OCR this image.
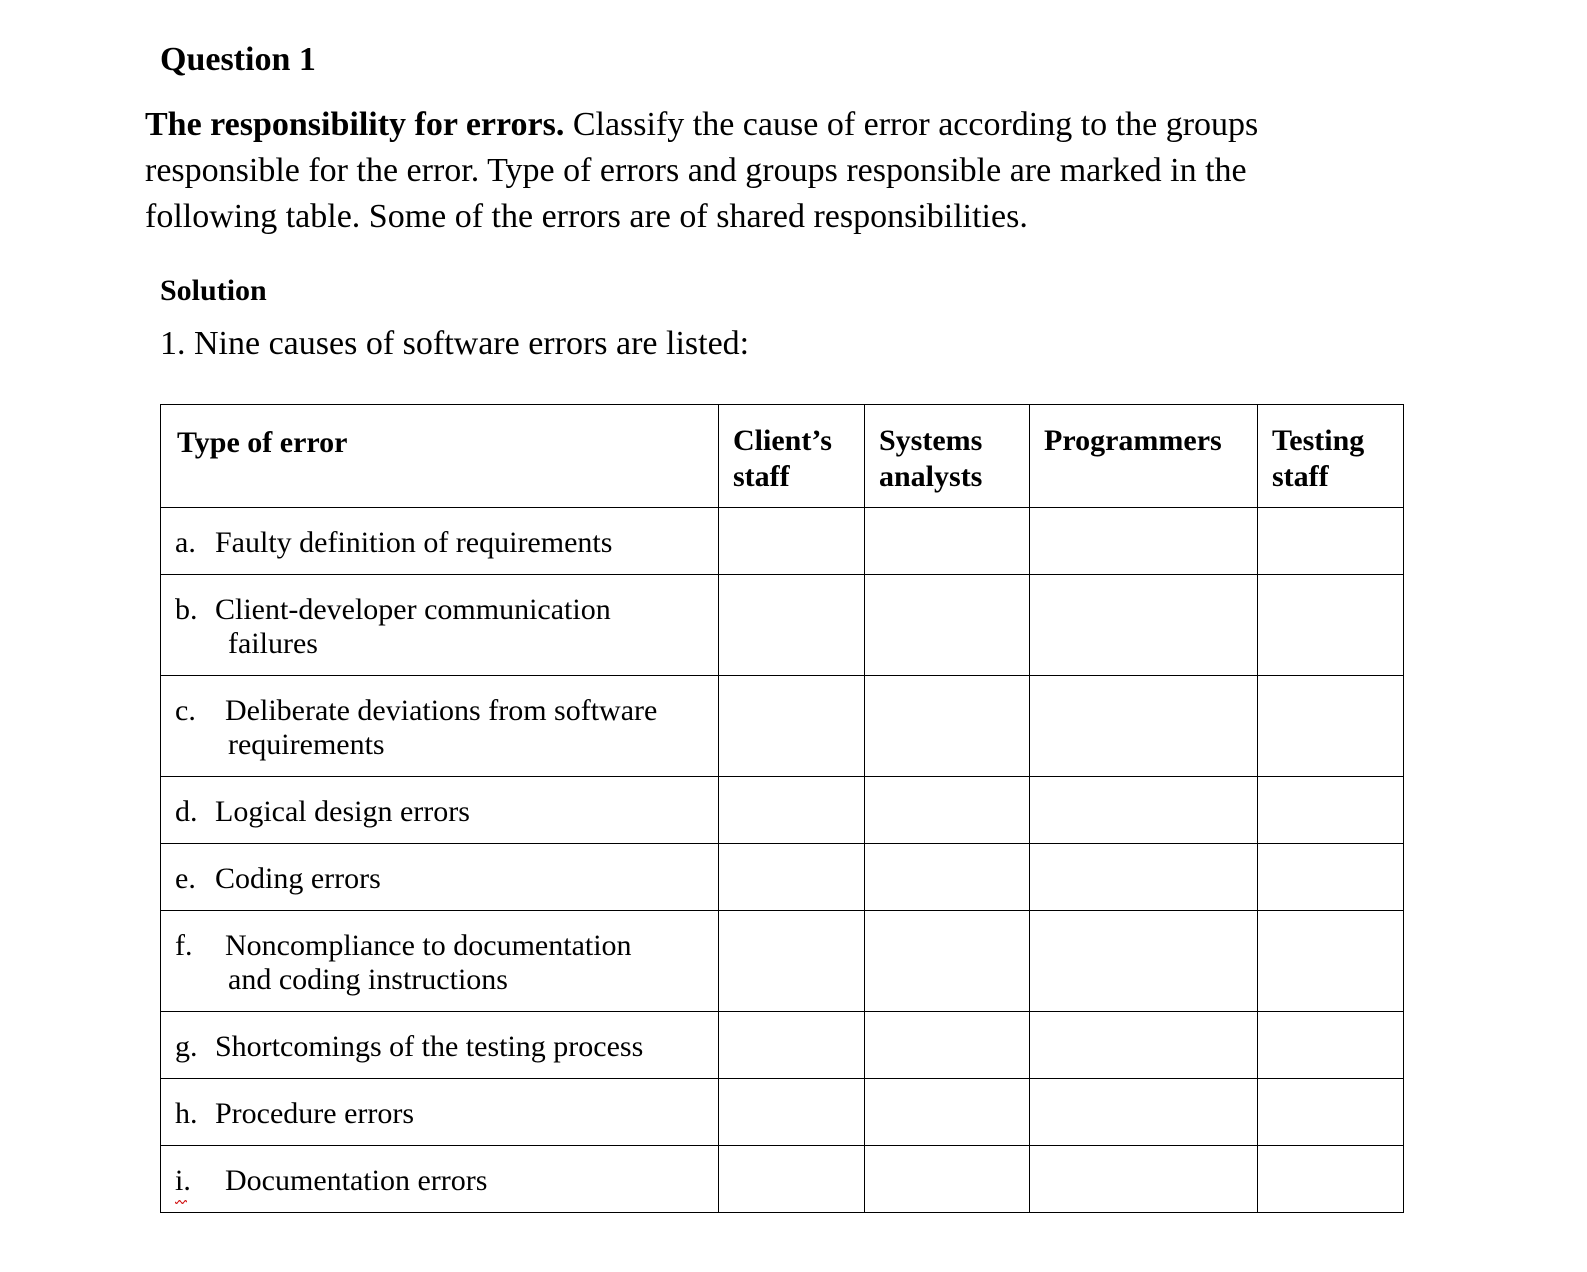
Question 1
The responsibility for errors. Classify the cause of error according to the groups responsible for the error. Type of errors and groups responsible are marked in the following table. Some of the errors are of shared responsibilities.
Solution
1. Nine causes of software errors are listed:
Type of error	Client’s staff	Systems analysts	Programmers	Testing staff

a. Faulty definition of requirements				

b. Client-developer communication
failures				

c. Deliberate deviations from software
requirements				

d. Logical design errors				

e. Coding errors				

f. Noncompliance to documentation
and coding instructions				

g. Shortcomings of the testing process				

h. Procedure errors				

i. Documentation errors				
